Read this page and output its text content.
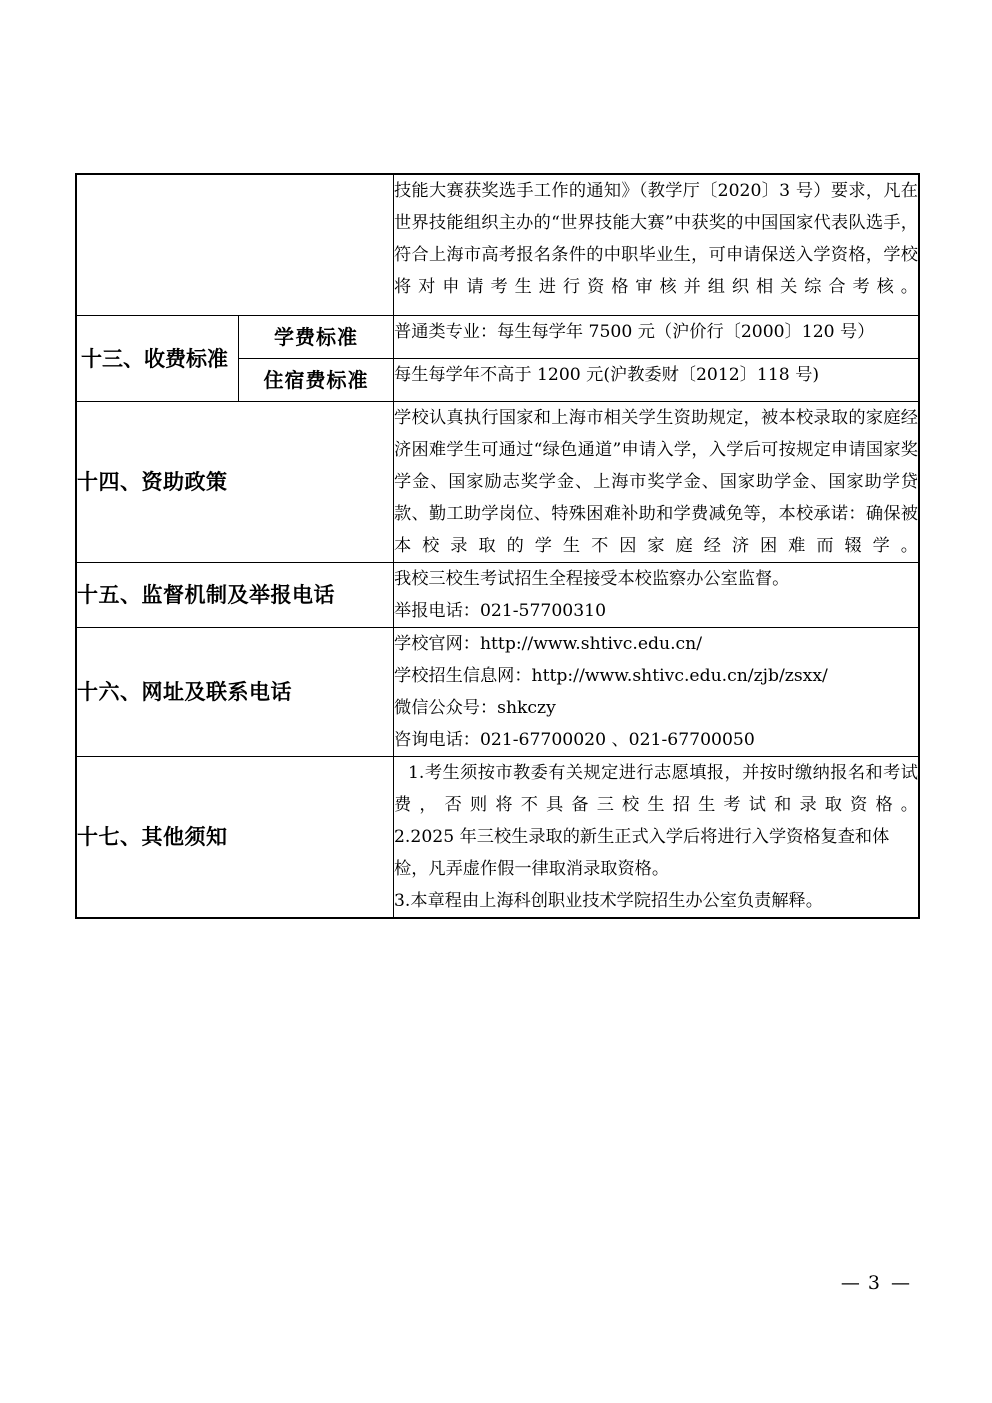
		技能大赛获奖选手工作的通知》（教学厅〔2020〕3 号）要求，凡在世界技能组织主办的“世界技能大赛”中获奖的中国国家代表队选手，符合上海市高考报名条件的中职毕业生，可申请保送入学资格，学校将对申请考生进行资格审核并组织相关综合考核。

十三、收费标准	学费标准	普通类专业：每生每学年 7500 元（沪价行〔2000〕120 号）

	住宿费标准	每生每学年不高于 1200 元(沪教委财〔2012〕118 号)

十四、资助政策		学校认真执行国家和上海市相关学生资助规定，被本校录取的家庭经济困难学生可通过“绿色通道”申请入学，入学后可按规定申请国家奖学金、国家励志奖学金、上海市奖学金、国家助学金、国家助学贷款、勤工助学岗位、特殊困难补助和学费减免等，本校承诺：确保被本校录取的学生不因家庭经济困难而辍学。

十五、监督机制及举报电话		我校三校生考试招生全程接受本校监察办公室监督。

举报电话：021-57700310

十六、网址及联系电话		学校官网：http://www.shtivc.edu.cn/

学校招生信息网：http://www.shtivc.edu.cn/zjb/zsxx/

微信公众号：shkczy

咨询电话：021-67700020 、021-67700050

十七、其他须知		1.考生须按市教委有关规定进行志愿填报，并按时缴纳报名和考试费，否则将不具备三校生招生考试和录取资格。

2.2025 年三校生录取的新生正式入学后将进行入学资格复查和体检，凡弄虚作假一律取消录取资格。

3.本章程由上海科创职业技术学院招生办公室负责解释。

— 3 —
